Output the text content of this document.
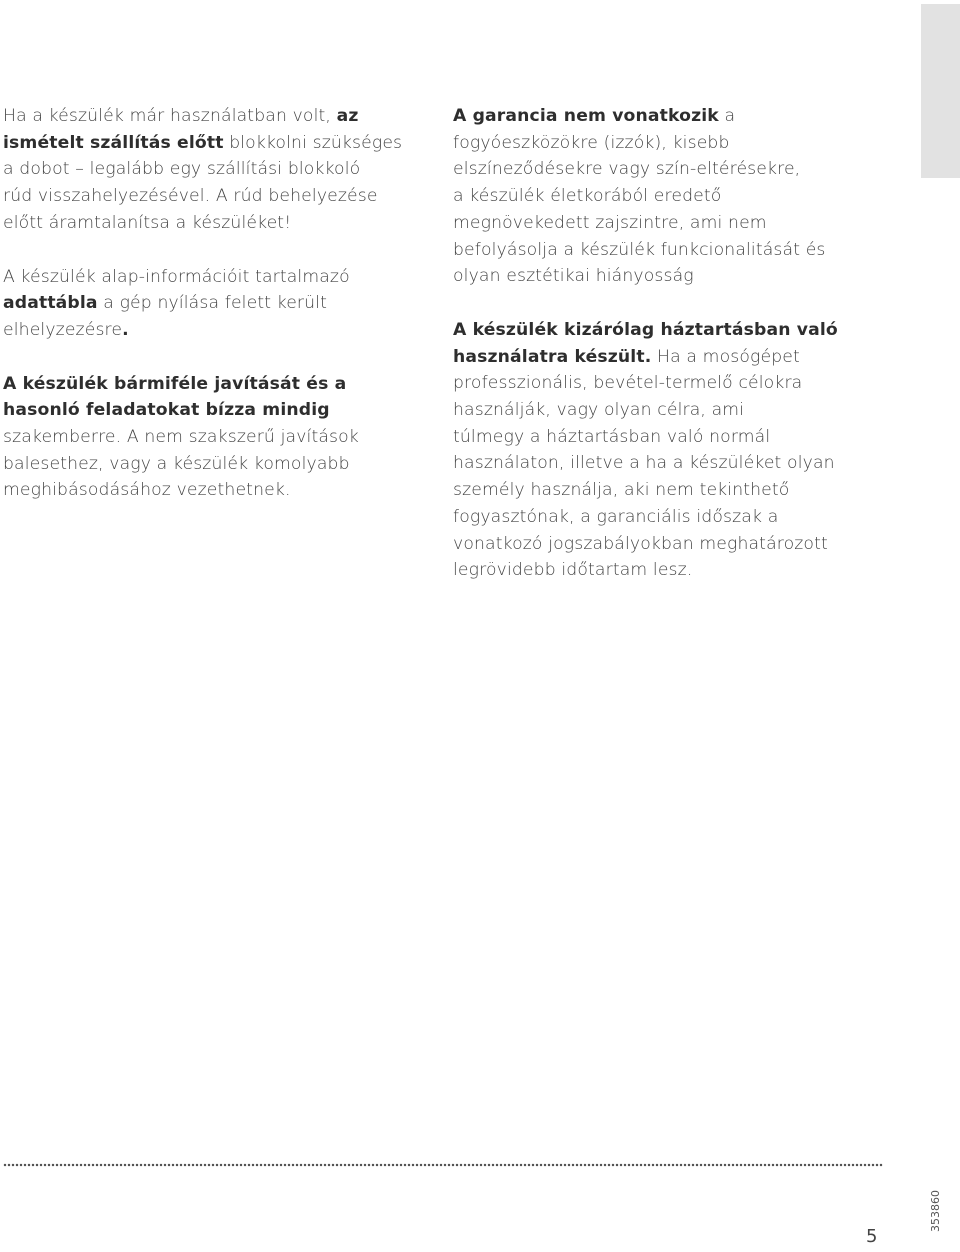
Ha a készülék már használatban volt, az
ismételt szállítás előtt blokkolni szükséges
a dobot – legalább egy szállítási blokkoló
rúd visszahelyezésével. A rúd behelyezése
előtt áramtalanítsa a készüléket!
A készülék alap-információit tartalmazó
adattábla a gép nyílása felett került
elhelyzezésre.
A készülék bármiféle javítását és a
hasonló feladatokat bízza mindig
szakemberre. A nem szakszerű javítások
balesethez, vagy a készülék komolyabb
meghibásodásához vezethetnek.
A garancia nem vonatkozik a
fogyóeszközökre (izzók), kisebb
elszíneződésekre vagy szín-eltérésekre,
a készülék életkorából eredető
megnövekedett zajszintre, ami nem
befolyásolja a készülék funkcionalitását és
olyan esztétikai hiányosság
A készülék kizárólag háztartásban való
használatra készült. Ha a mosógépet
professzionális, bevétel-termelő célokra
használják, vagy olyan célra, ami
túlmegy a háztartásban való normál
használaton, illetve a ha a készüléket olyan
személy használja, aki nem tekinthető
fogyasztónak, a garanciális időszak a
vonatkozó jogszabályokban meghatározott
legrövidebb időtartam lesz.
5
353860
